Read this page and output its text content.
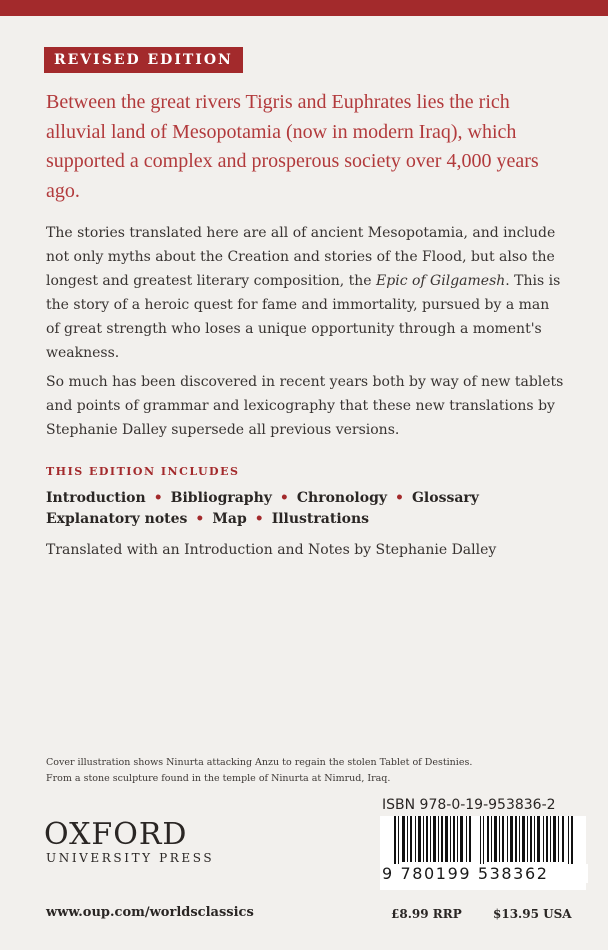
REVISED EDITION
Between the great rivers Tigris and Euphrates lies the rich alluvial land of Mesopotamia (now in modern Iraq), which supported a complex and prosperous society over 4,000 years ago.
The stories translated here are all of ancient Mesopotamia, and include not only myths about the Creation and stories of the Flood, but also the longest and greatest literary composition, the Epic of Gilgamesh. This is the story of a heroic quest for fame and immortality, pursued by a man of great strength who loses a unique opportunity through a moment's weakness.
So much has been discovered in recent years both by way of new tablets and points of grammar and lexicography that these new translations by Stephanie Dalley supersede all previous versions.
THIS EDITION INCLUDES
Introduction • Bibliography • Chronology • Glossary
Explanatory notes • Map • Illustrations
Translated with an Introduction and Notes by Stephanie Dalley
Cover illustration shows Ninurta attacking Anzu to regain the stolen Tablet of Destinies.
From a stone sculpture found in the temple of Ninurta at Nimrud, Iraq.
OXFORD
UNIVERSITY PRESS
www.oup.com/worldsclassics
ISBN 978-0-19-953836-2
9 780199 538362
£8.99 RRP	$13.95 USA
